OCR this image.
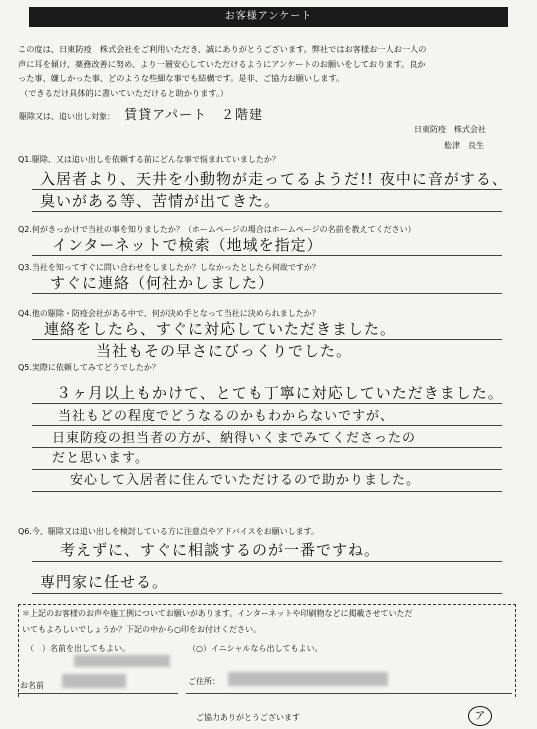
お客様アンケート
この度は、日東防疫　株式会社をご利用いただき、誠にありがとうございます。弊社ではお客様お一人お一人の
声に耳を傾け、薬務改善に努め、より一層安心していただけるようにアンケートのお願いをしております。良か
った事、嫌しかった事、どのような些細な事でも結構です。是非、ご協力お願いします。
（できるだけ具体的に書いていただけると助かります。）
駆除又は、追い出し対象： 賃貸アパート　２階建
日東防疫　株式会社
舩津　良生
Q1.駆除、又は追い出しを依頼する前にどんな事で悩まれていましたか？
入居者より、天井を小動物が走ってるようだ!! 夜中に音がする、
臭いがある等、苦情が出てきた。
Q2.何がきっかけで当社の事を知りましたか？（ホームページの場合はホームページの名前を教えてください）
インターネットで検索（地域を指定）
Q3.当社を知ってすぐに問い合わせをしましたか？しなかったとしたら何故ですか？
すぐに連絡（何社かしました）
Q4.他の駆除・防疫会社がある中で、何が決め手となって当社に決められましたか？
連絡をしたら、すぐに対応していただきました。
当社もその早さにびっくりでした。
Q5.実際に依頼してみてどうでしたか？
３ヶ月以上もかけて、とても丁寧に対応していただきました。
当社もどの程度でどうなるのかもわからないですが、
日東防疫の担当者の方が、納得いくまでみてくださったの
だと思います。
安心して入居者に住んでいただけるので助かりました。
Q6.今、駆除又は追い出しを検討している方に注意点やアドバイスをお願いします。
考えずに、すぐに相談するのが一番ですね。
専門家に任せる。
＊上記のお客様のお声や施工例についてお願いがあります。インターネットや印刷物などに掲載させていただ
いてもよろしいでしょうか？下記の中から○印をお付けください。
（　）名前を出してもよい。	（○）イニシャルなら出してもよい。
お名前	ご住所：
ご協力ありがとうございます	ア
